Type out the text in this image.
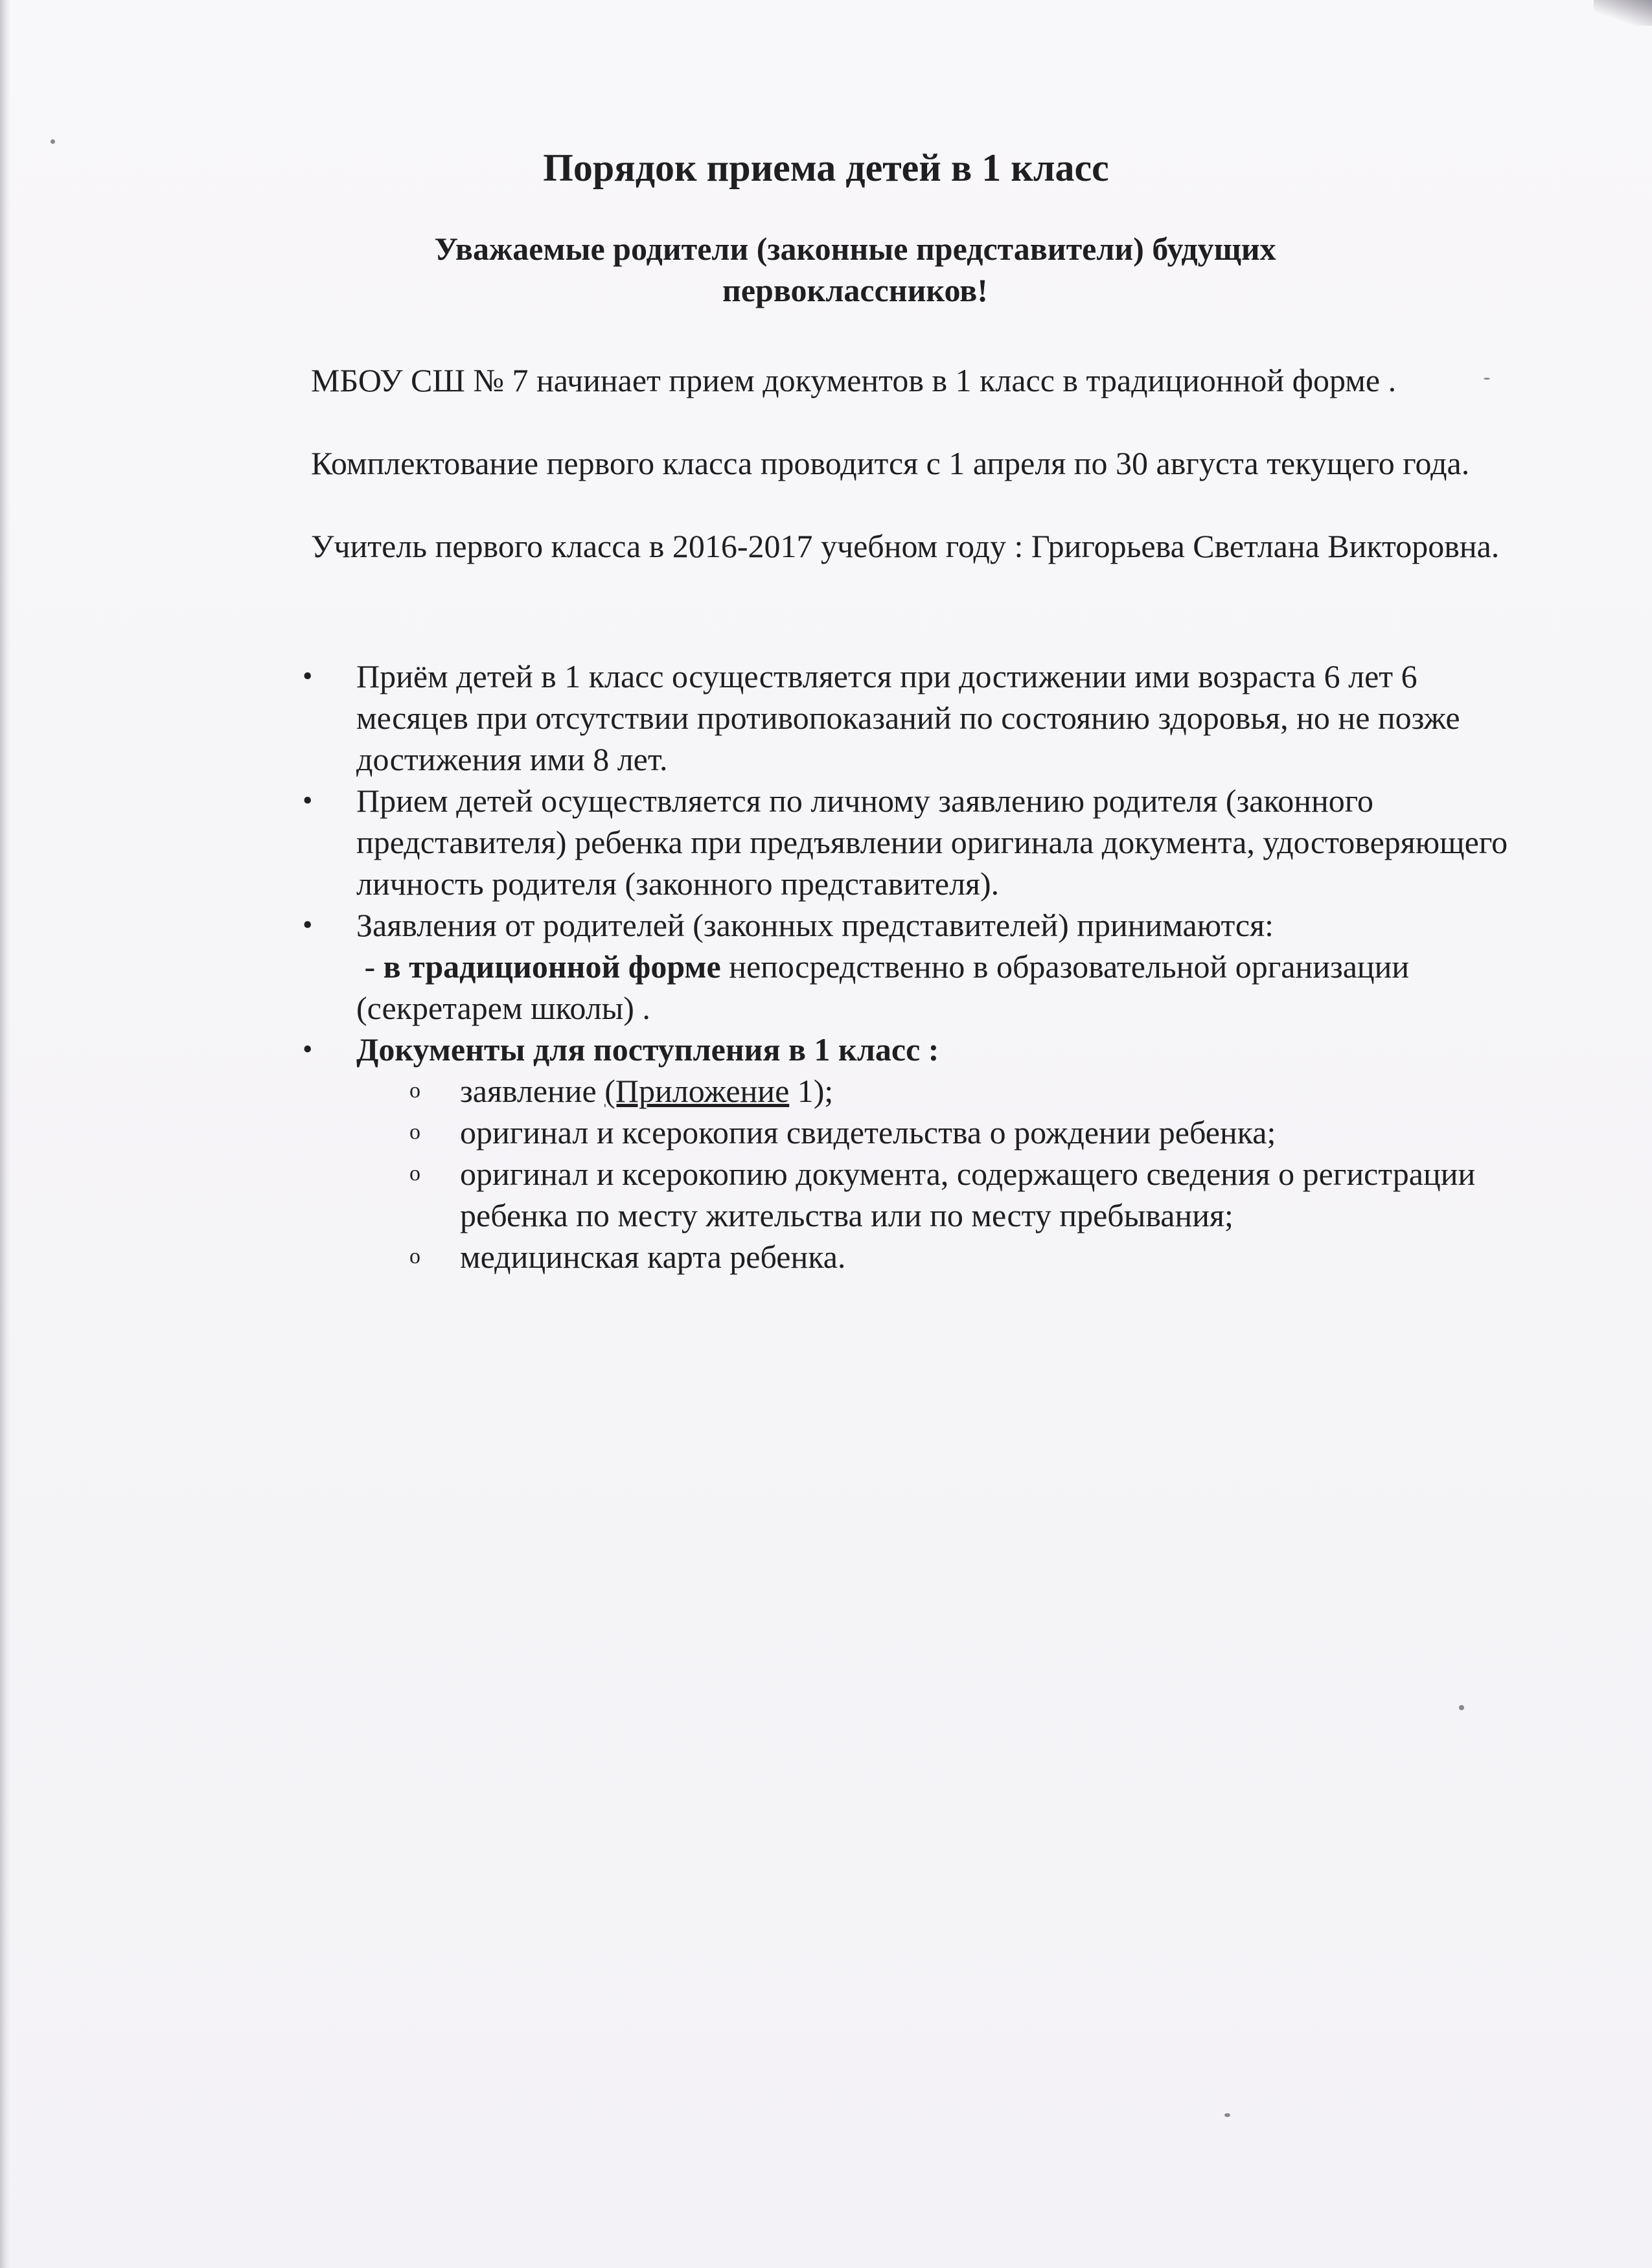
Порядок приема детей в 1 класс

Уважаемые родители (законные представители) будущих первоклассников!

МБОУ СШ № 7 начинает прием документов в 1 класс в традиционной форме .

Комплектование первого класса проводится с 1 апреля по 30 августа текущего года.

Учитель первого класса в 2016-2017 учебном году : Григорьева Светлана Викторовна.

• Приём детей в 1 класс осуществляется при достижении ими возраста 6 лет 6 месяцев при отсутствии противопоказаний по состоянию здоровья, но не позже достижения ими 8 лет.
• Прием детей осуществляется по личному заявлению родителя (законного представителя) ребенка при предъявлении оригинала документа, удостоверяющего личность родителя (законного представителя).
• Заявления от родителей (законных представителей) принимаются:
- в традиционной форме непосредственно в образовательной организации (секретарем школы) .
• Документы для поступления в 1 класс :
o заявление (Приложение 1);
o оригинал и ксерокопия свидетельства о рождении ребенка;
o оригинал и ксерокопию документа, содержащего сведения о регистрации ребенка по месту жительства или по месту пребывания;
o медицинская карта ребенка.
